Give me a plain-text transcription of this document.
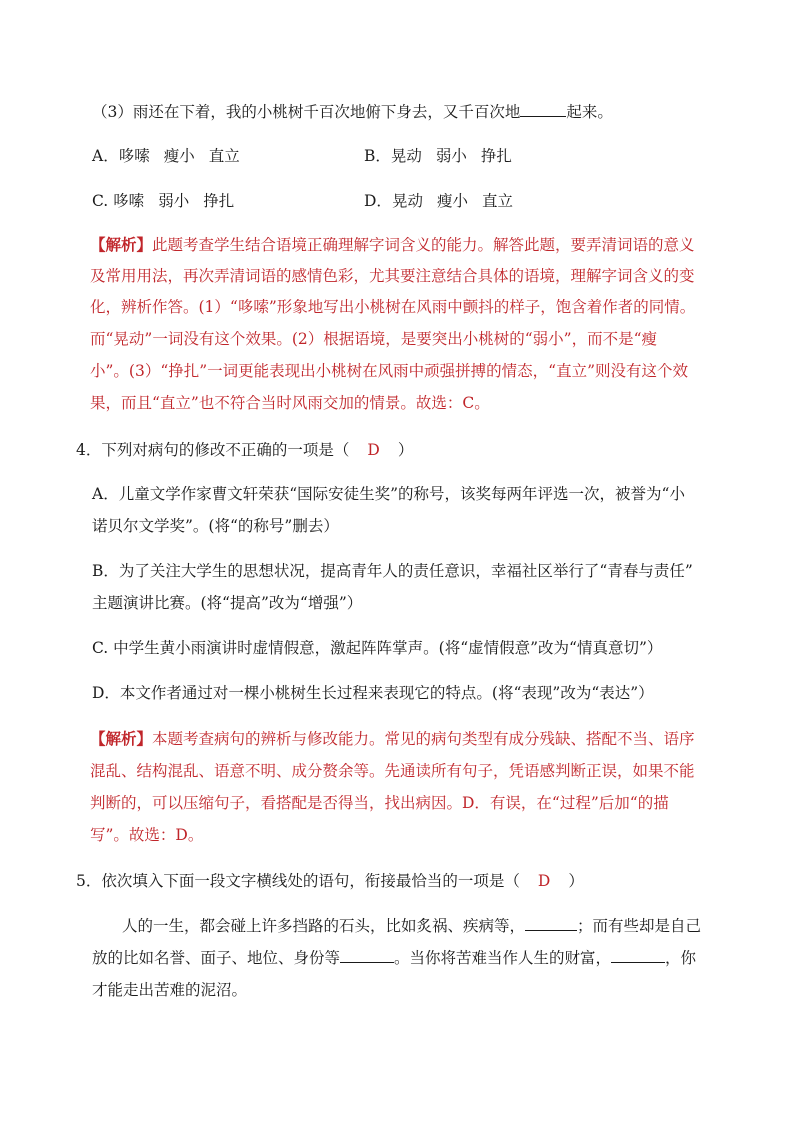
（3）雨还在下着，我的小桃树千百次地俯下身去，又千百次地	起来。
A．哆嗦 瘦小 直立	B．晃动 弱小 挣扎
C. 哆嗦 弱小 挣扎	D．晃动 瘦小 直立
【解析】此题考查学生结合语境正确理解字词含义的能力。解答此题，要弄清词语的意义
及常用用法，再次弄清词语的感情色彩，尤其要注意结合具体的语境，理解字词含义的变
化，辨析作答。(1）“哆嗦”形象地写出小桃树在风雨中颤抖的样子，饱含着作者的同情。
而“晃动”一词没有这个效果。(2）根据语境，是要突出小桃树的“弱小”，而不是“瘦
小”。(3）“挣扎”一词更能表现出小桃树在风雨中顽强拼搏的情态，“直立”则没有这个效
果，而且“直立”也不符合当时风雨交加的情景。故选：C。
4．下列对病句的修改不正确的一项是（ D ）
A．儿童文学作家曹文轩荣获“国际安徒生奖”的称号，该奖每两年评选一次，被誉为“小
诺贝尔文学奖”。(将“的称号”删去）
B．为了关注大学生的思想状况，提高青年人的责任意识，幸福社区举行了“青春与责任”
主题演讲比赛。(将“提高”改为“增强”）
C. 中学生黄小雨演讲时虚情假意，激起阵阵掌声。(将“虚情假意”改为“情真意切”）
D．本文作者通过对一棵小桃树生长过程来表现它的特点。(将“表现”改为“表达”）
【解析】本题考查病句的辨析与修改能力。常见的病句类型有成分残缺、搭配不当、语序
混乱、结构混乱、语意不明、成分赘余等。先通读所有句子，凭语感判断正误，如果不能
判断的，可以压缩句子，看搭配是否得当，找出病因。D．有误，在“过程”后加“的描
写”。故选：D。
5．依次填入下面一段文字横线处的语句，衔接最恰当的一项是（ D ）
人的一生，都会碰上许多挡路的石头，比如炙祸、疾病等，	；而有些却是自己
放的比如名誉、面子、地位、身份等	。当你将苦难当作人生的财富，	，你
才能走出苦难的泥沼。
